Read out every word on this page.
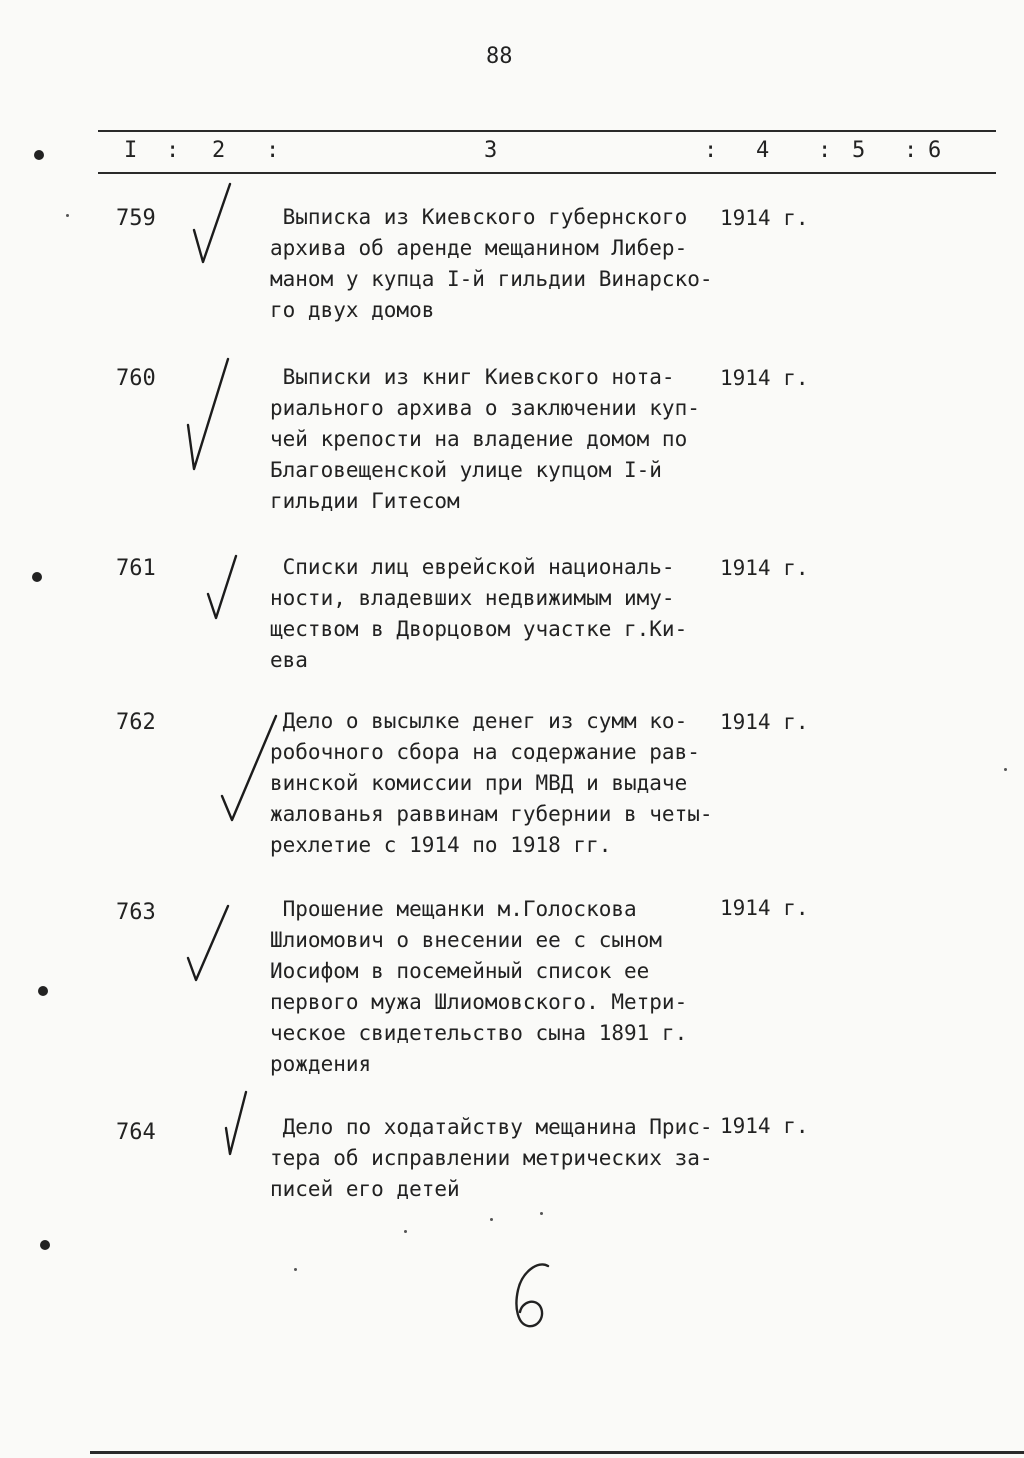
88
I : 2 :	3	: 4 : 5 : 6
759	Выписка из Киевского губернского
архива об аренде мещанином Либер-
маном у купца I-й гильдии Винарско-
го двух домов
1914 г.
760	Выписки из книг Киевского нота-
риального архива о заключении куп-
чей крепости на владение домом по
Благовещенской улице купцом I-й
гильдии Гитесом
1914 г.
761	Списки лиц еврейской националь-
ности, владевших недвижимым иму-
ществом в Дворцовом участке г.Ки-
ева
1914 г.
762	Дело о высылке денег из сумм ко-
робочного сбора на содержание рав-
винской комиссии при МВД и выдаче
жалованья раввинам губернии в четы-
рехлетие с 1914 по 1918 гг.
1914 г.
763	Прошение мещанки м.Голоскова
Шлиомович о внесении ее с сыном
Иосифом в посемейный список ее
первого мужа Шлиомовского. Метри-
ческое свидетельство сына 1891 г.
рождения
1914 г.
764	Дело по ходатайству мещанина Прис-
тера об исправлении метрических за-
писей его детей
1914 г.
